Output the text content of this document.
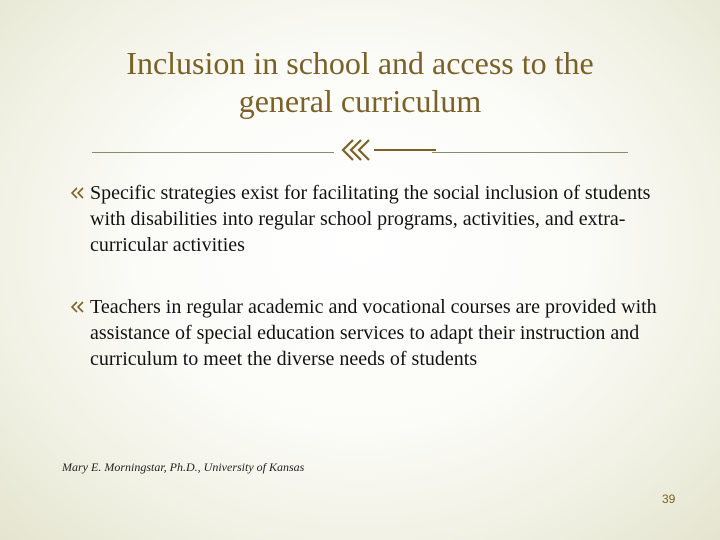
Inclusion in school and access to the
general curriculum
Specific strategies exist for facilitating the social inclusion of students with disabilities into regular school programs, activities, and extra-curricular activities
Teachers in regular academic and vocational courses are provided with assistance of special education services to adapt their instruction and curriculum to meet the diverse needs of students
Mary E. Morningstar, Ph.D., University of Kansas
39
